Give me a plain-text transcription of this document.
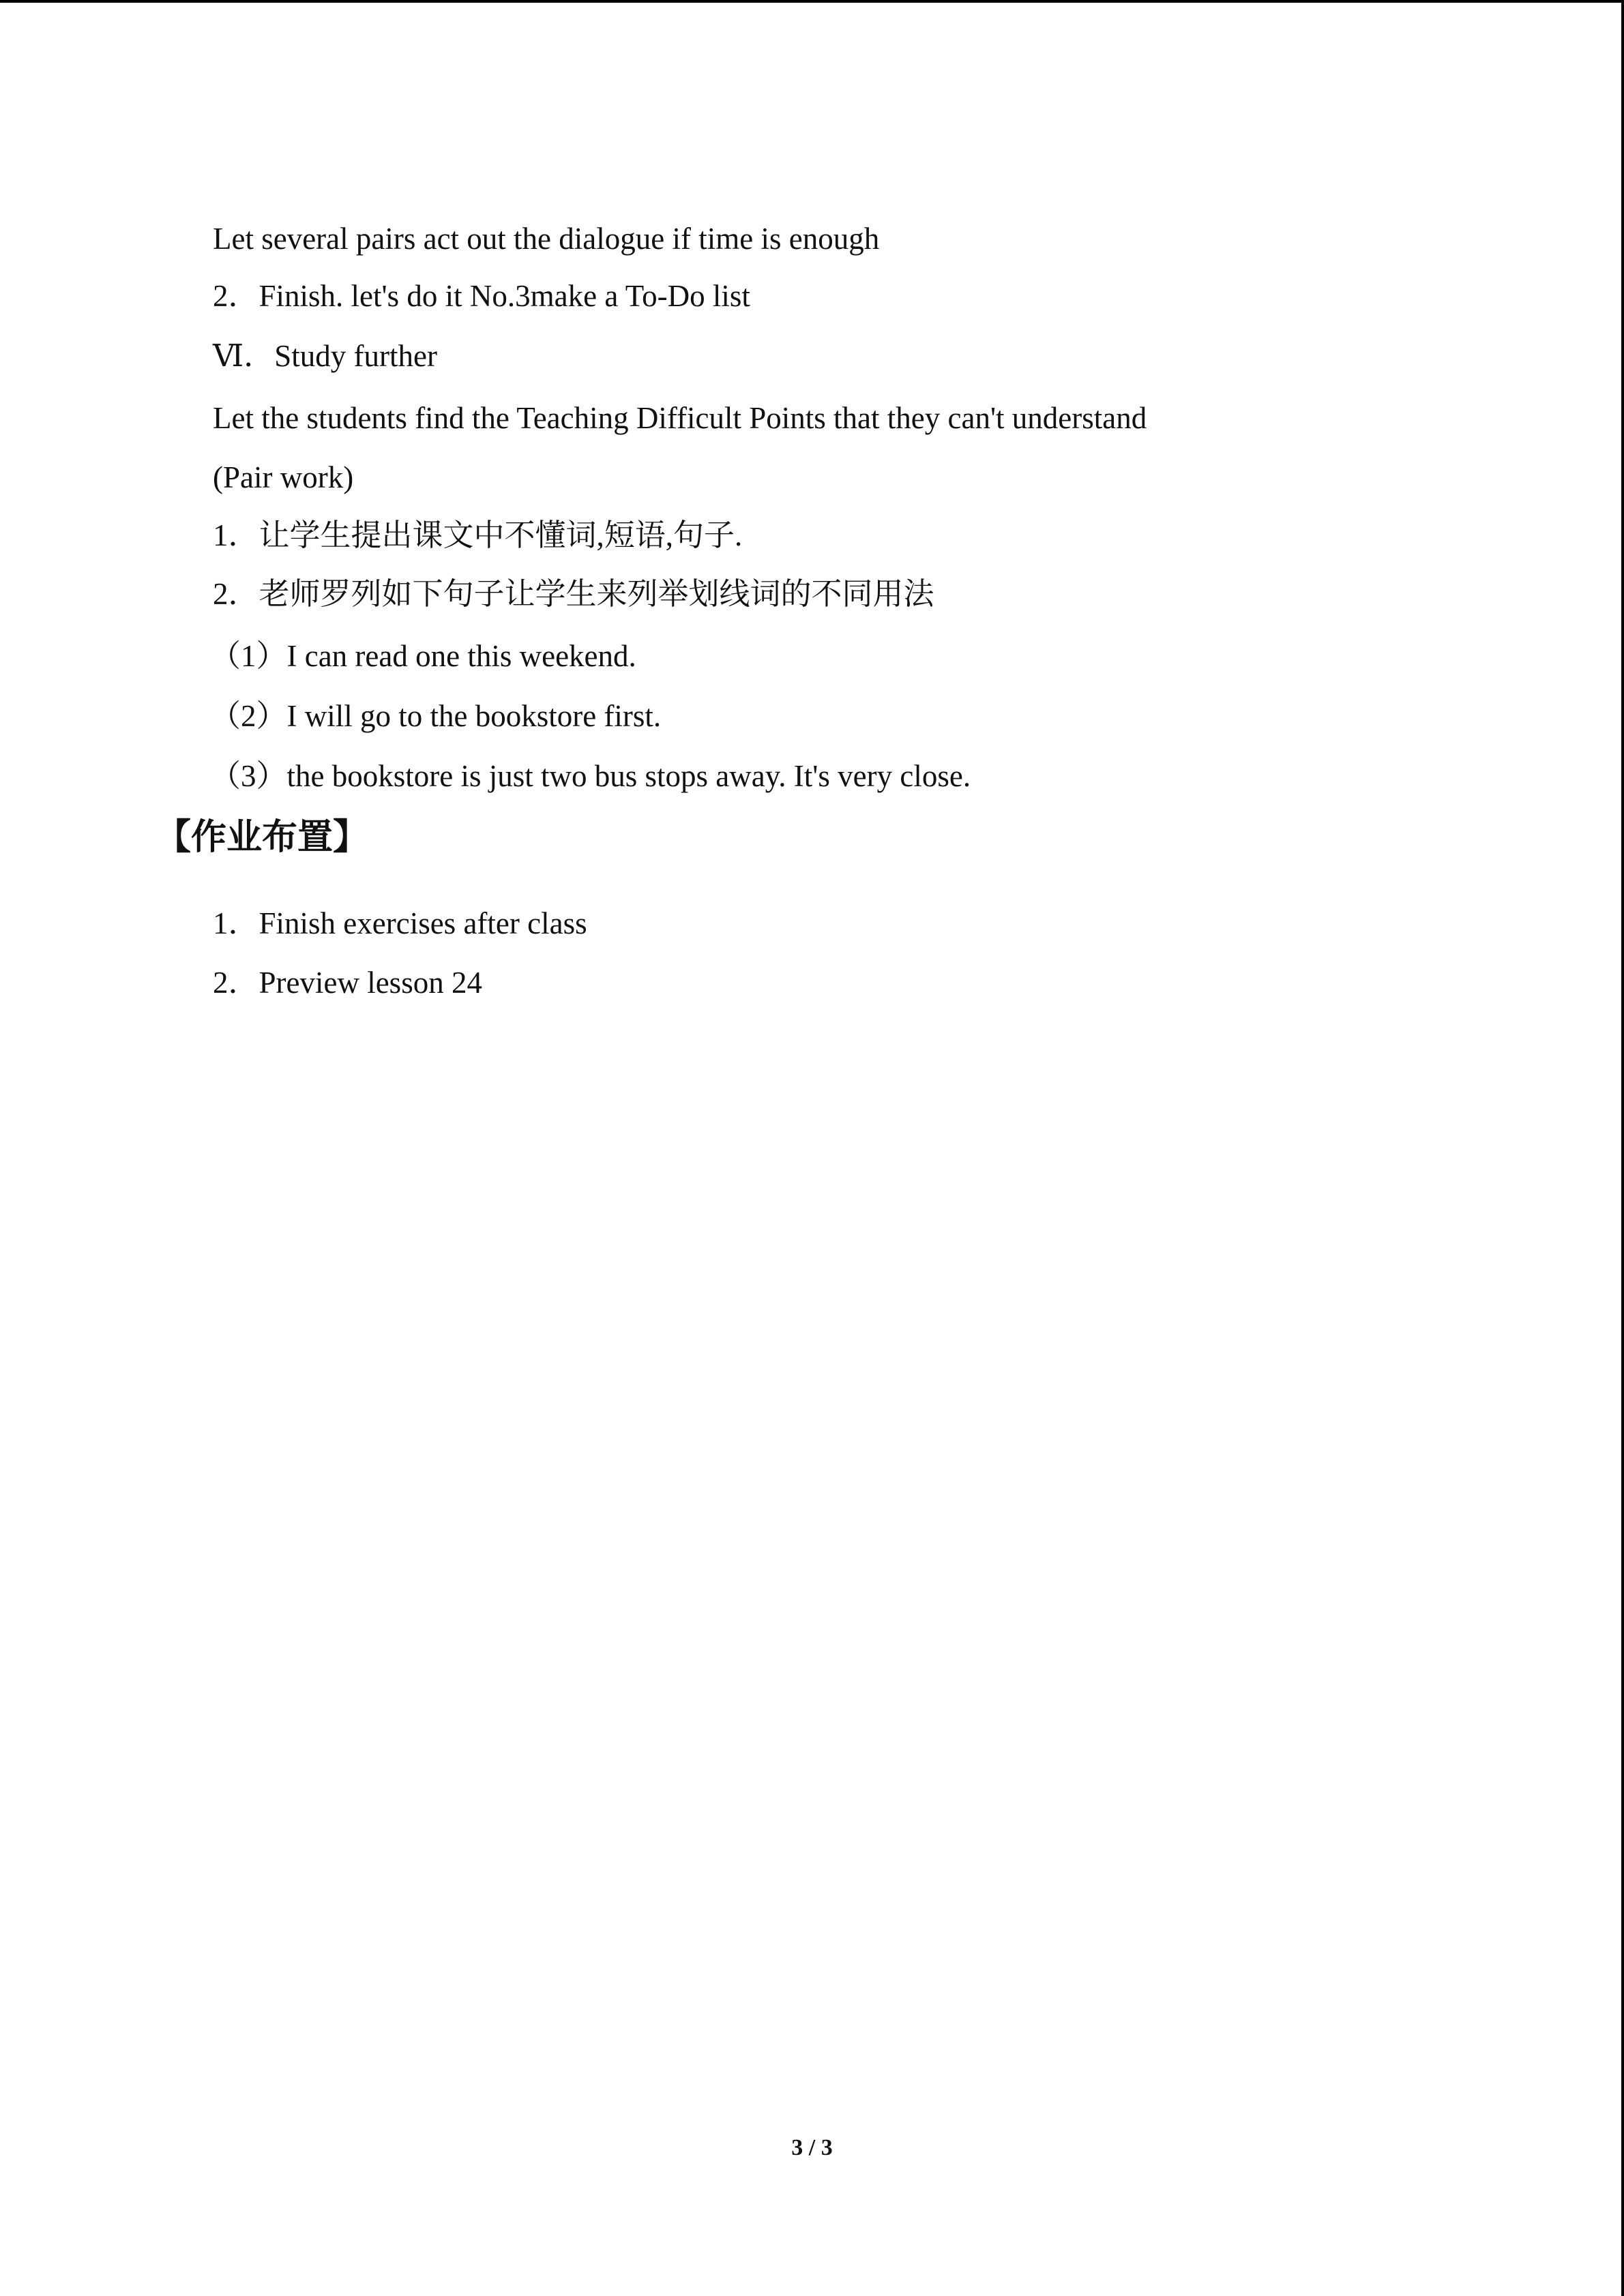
Let several pairs act out the dialogue if time is enough
2．Finish. let's do it No.3make a To-Do list
Ⅵ．Study further
Let the students find the Teaching Difficult Points that they can't understand
(Pair work)
1．让学生提出课文中不懂词,短语,句子.
2．老师罗列如下句子让学生来列举划线词的不同用法
（1）I can read one this weekend.
（2）I will go to the bookstore first.
（3）the bookstore is just two bus stops away. It's very close.
【作业布置】
1．Finish exercises after class
2．Preview lesson 24
3 / 3
